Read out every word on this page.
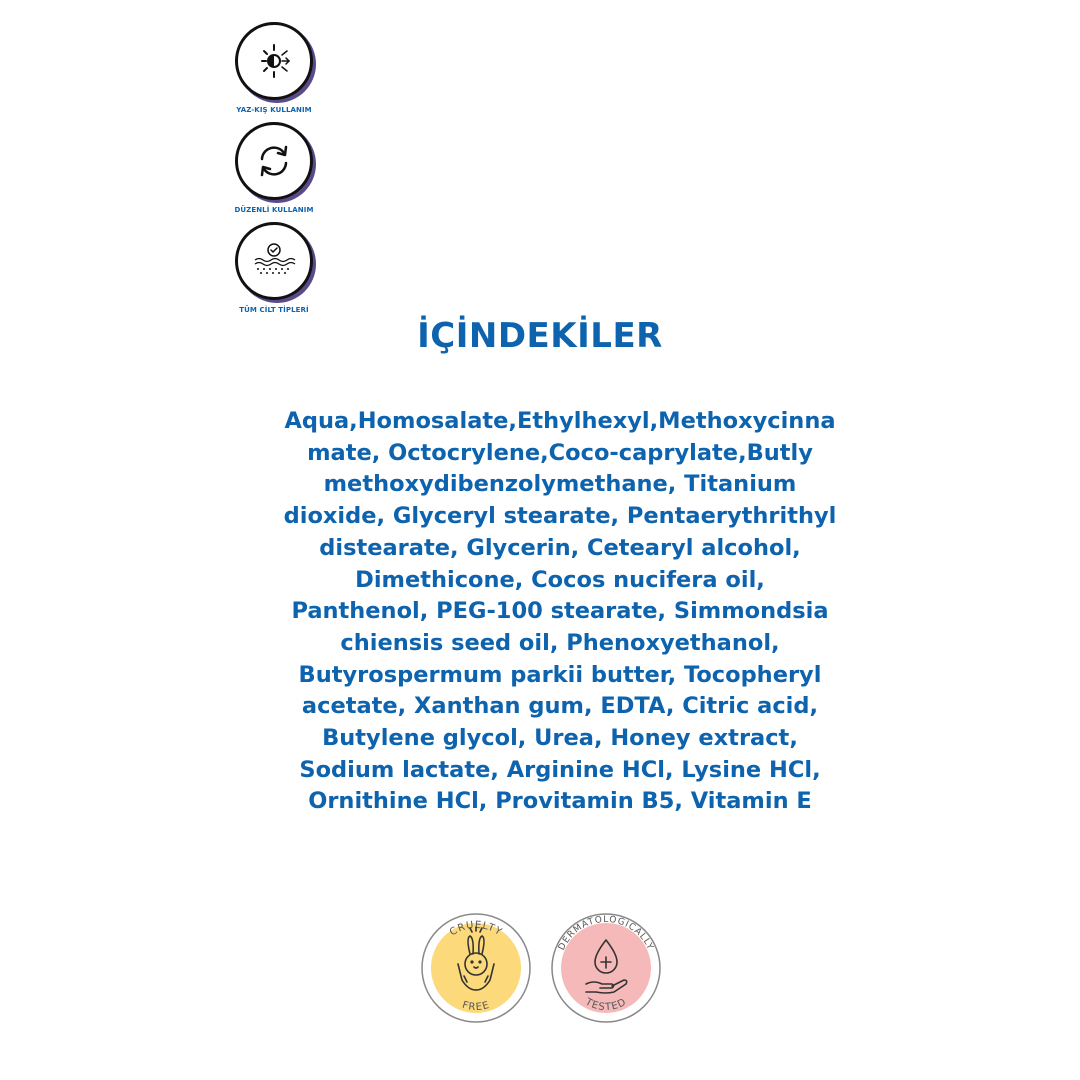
YAZ-KIŞ KULLANIM
DÜZENLİ KULLANIM
TÜM CİLT TİPLERİ
İÇİNDEKİLER
Aqua,Homosalate,Ethylhexyl,Methoxycinna
mate, Octocrylene,Coco-caprylate,Butly
methoxydibenzolymethane, Titanium
dioxide, Glyceryl stearate, Pentaerythrithyl
distearate, Glycerin, Cetearyl alcohol,
Dimethicone, Cocos nucifera oil,
Panthenol, PEG-100 stearate, Simmondsia
chiensis seed oil, Phenoxyethanol,
Butyrospermum parkii butter, Tocopheryl
acetate, Xanthan gum, EDTA, Citric acid,
Butylene glycol, Urea, Honey extract,
Sodium lactate, Arginine HCl, Lysine HCl,
Ornithine HCl, Provitamin B5, Vitamin E
CRUELTY
FREE
DERMATOLOGICALLY
TESTED
